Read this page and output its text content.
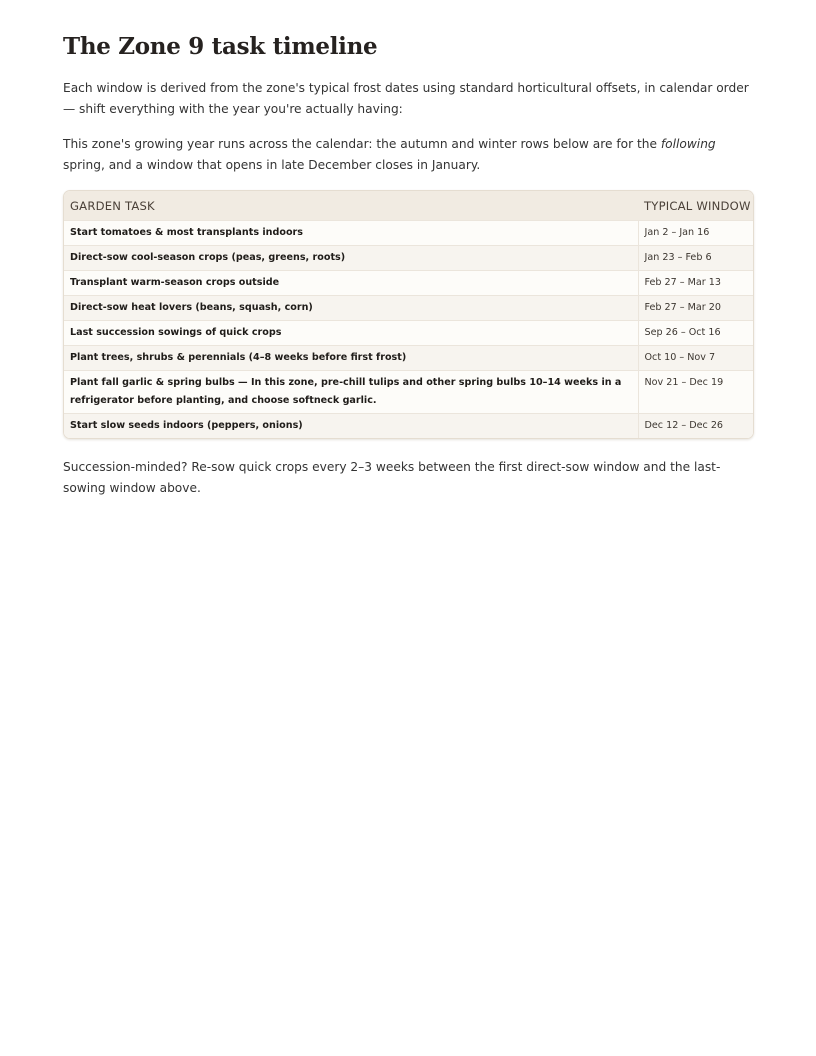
The Zone 9 task timeline

Each window is derived from the zone's typical frost dates using standard horticultural offsets, in calendar order — shift everything with the year you're actually having:

This zone's growing year runs across the calendar: the autumn and winter rows below are for the following spring, and a window that opens in late December closes in January.

GARDEN TASK	TYPICAL WINDOW
Start tomatoes & most transplants indoors	Jan 2 – Jan 16
Direct-sow cool-season crops (peas, greens, roots)	Jan 23 – Feb 6
Transplant warm-season crops outside	Feb 27 – Mar 13
Direct-sow heat lovers (beans, squash, corn)	Feb 27 – Mar 20
Last succession sowings of quick crops	Sep 26 – Oct 16
Plant trees, shrubs & perennials (4–8 weeks before first frost)	Oct 10 – Nov 7
Plant fall garlic & spring bulbs — In this zone, pre-chill tulips and other spring bulbs 10–14 weeks in a refrigerator before planting, and choose softneck garlic.	Nov 21 – Dec 19
Start slow seeds indoors (peppers, onions)	Dec 12 – Dec 26

Succession-minded? Re-sow quick crops every 2–3 weeks between the first direct-sow window and the last-sowing window above.
